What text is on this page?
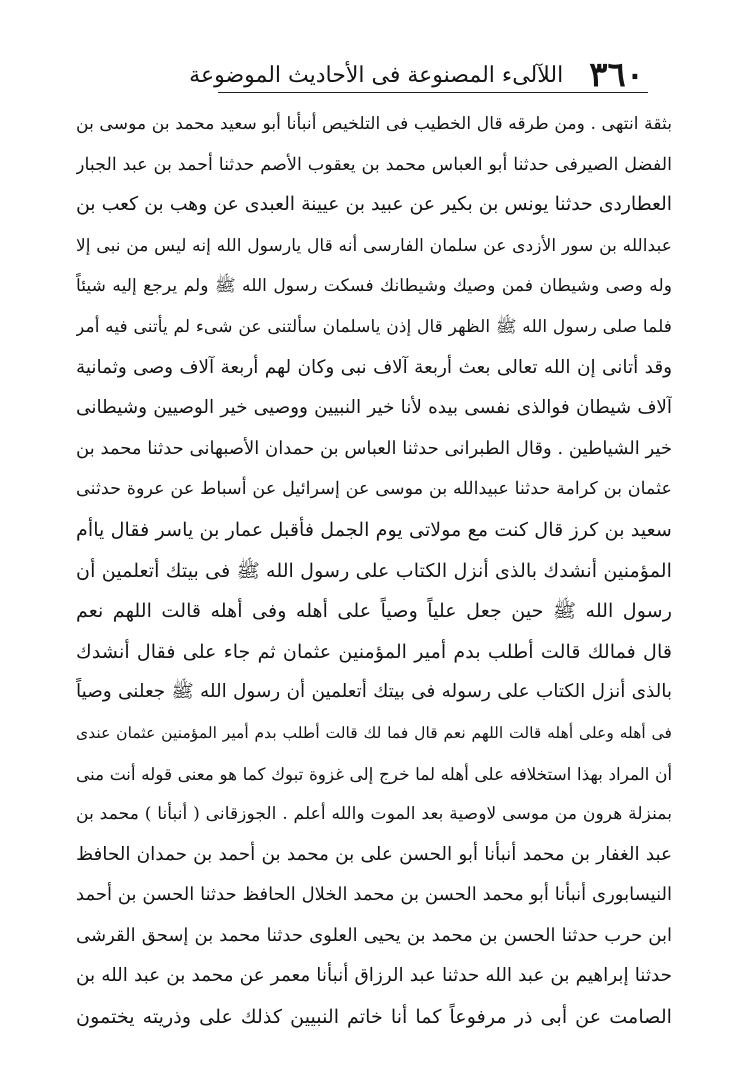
٣٦٠
اللآلىء المصنوعة فى الأحاديث الموضوعة
بثقة انتهى . ومن طرقه قال الخطيب فى التلخيص أنبأنا أبو سعيد محمد بن موسى بن
الفضل الصيرفى حدثنا أبو العباس محمد بن يعقوب الأصم حدثنا أحمد بن عبد الجبار
العطاردى حدثنا يونس بن بكير عن عبيد بن عيينة العبدى عن وهب بن كعب بن
عبدالله بن سور الأزدى عن سلمان الفارسى أنه قال يارسول الله إنه ليس من نبى إلا
وله وصى وشيطان فمن وصيك وشيطانك فسكت رسول الله ﷺ ولم يرجع إليه شيئاً
فلما صلى رسول الله ﷺ الظهر قال إذن ياسلمان سألتنى عن شىء لم يأتنى فيه أمر
وقد أتانى إن الله تعالى بعث أربعة آلاف نبى وكان لهم أربعة آلاف وصى وثمانية
آلاف شيطان فوالذى نفسى بيده لأنا خير النبيين ووصيى خير الوصيين وشيطانى
خير الشياطين . وقال الطبرانى حدثنا العباس بن حمدان الأصبهانى حدثنا محمد بن
عثمان بن كرامة حدثنا عبيدالله بن موسى عن إسرائيل عن أسباط عن عروة حدثنى
سعيد بن كرز قال كنت مع مولاتى يوم الجمل فأقبل عمار بن ياسر فقال ياأم
المؤمنين أنشدك بالذى أنزل الكتاب على رسول الله ﷺ فى بيتك أتعلمين أن
رسول الله ﷺ حين جعل علياً وصياً على أهله وفى أهله قالت اللهم نعم
قال فمالك قالت أطلب بدم أمير المؤمنين عثمان ثم جاء على فقال أنشدك
بالذى أنزل الكتاب على رسوله فى بيتك أتعلمين أن رسول الله ﷺ جعلنى وصياً
فى أهله وعلى أهله قالت اللهم نعم قال فما لك قالت أطلب بدم أمير المؤمنين عثمان عندى
أن المراد بهذا استخلافه على أهله لما خرج إلى غزوة تبوك كما هو معنى قوله أنت منى
بمنزلة هرون من موسى لاوصية بعد الموت والله أعلم . الجوزقانى ( أنبأنا ) محمد بن
عبد الغفار بن محمد أنبأنا أبو الحسن على بن محمد بن أحمد بن حمدان الحافظ
النيسابورى أنبأنا أبو محمد الحسن بن محمد الخلال الحافظ حدثنا الحسن بن أحمد
ابن حرب حدثنا الحسن بن محمد بن يحيى العلوى حدثنا محمد بن إسحق القرشى
حدثنا إبراهيم بن عبد الله حدثنا عبد الرزاق أنبأنا معمر عن محمد بن عبد الله بن
الصامت عن أبى ذر مرفوعاً كما أنا خاتم النبيين كذلك على وذريته يختمون
